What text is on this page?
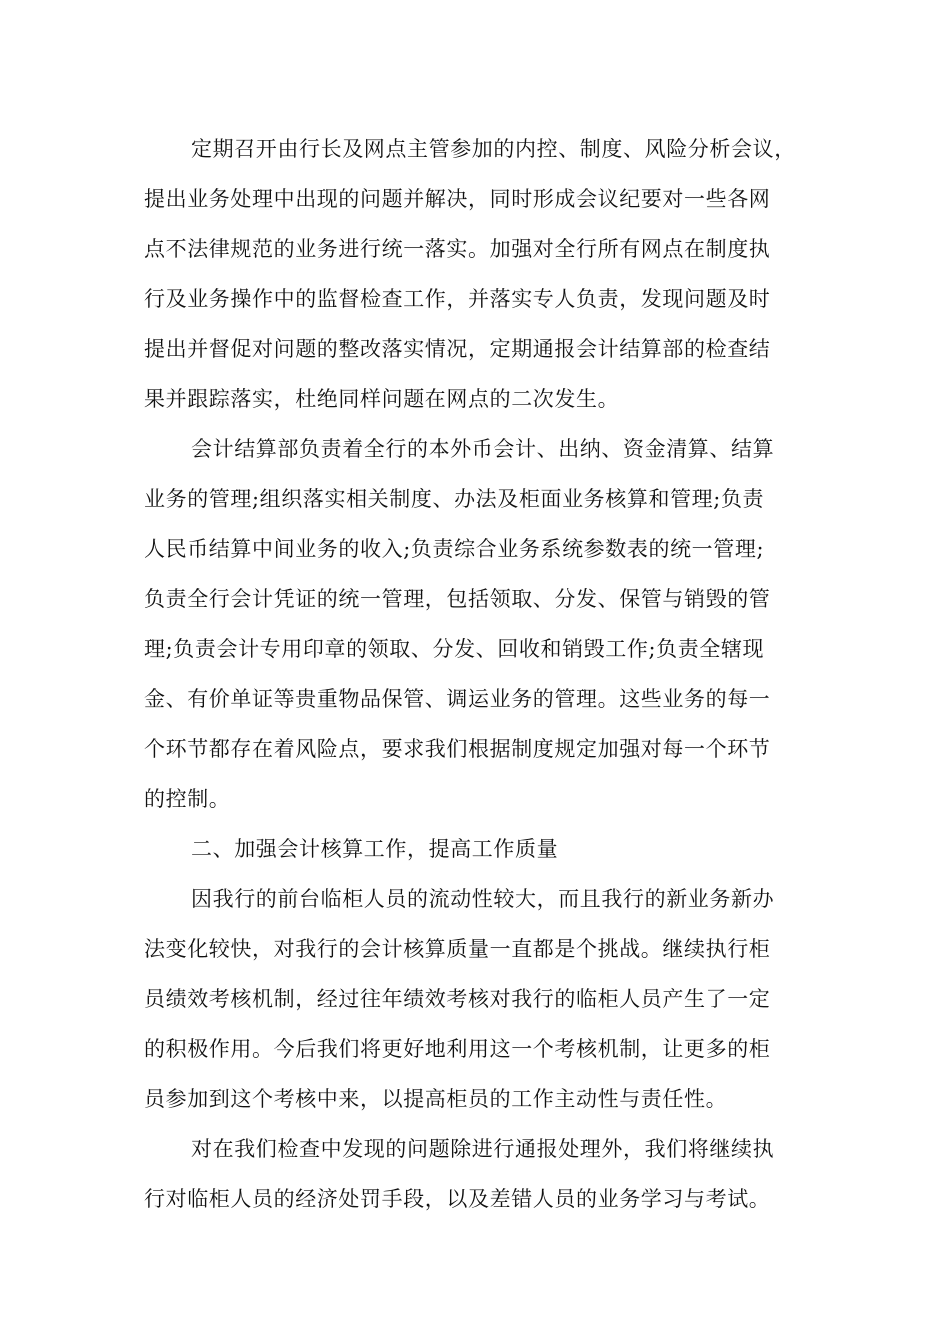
定期召开由行长及网点主管参加的内控、制度、风险分析会议，
提出业务处理中出现的问题并解决，同时形成会议纪要对一些各网
点不法律规范的业务进行统一落实。加强对全行所有网点在制度执
行及业务操作中的监督检查工作，并落实专人负责，发现问题及时
提出并督促对问题的整改落实情况，定期通报会计结算部的检查结
果并跟踪落实，杜绝同样问题在网点的二次发生。
会计结算部负责着全行的本外币会计、出纳、资金清算、结算
业务的管理;组织落实相关制度、办法及柜面业务核算和管理;负责
人民币结算中间业务的收入;负责综合业务系统参数表的统一管理;
负责全行会计凭证的统一管理，包括领取、分发、保管与销毁的管
理;负责会计专用印章的领取、分发、回收和销毁工作;负责全辖现
金、有价单证等贵重物品保管、调运业务的管理。这些业务的每一
个环节都存在着风险点，要求我们根据制度规定加强对每一个环节
的控制。
二、加强会计核算工作，提高工作质量
因我行的前台临柜人员的流动性较大，而且我行的新业务新办
法变化较快，对我行的会计核算质量一直都是个挑战。继续执行柜
员绩效考核机制，经过往年绩效考核对我行的临柜人员产生了一定
的积极作用。今后我们将更好地利用这一个考核机制，让更多的柜
员参加到这个考核中来，以提高柜员的工作主动性与责任性。
对在我们检查中发现的问题除进行通报处理外，我们将继续执
行对临柜人员的经济处罚手段，以及差错人员的业务学习与考试。
